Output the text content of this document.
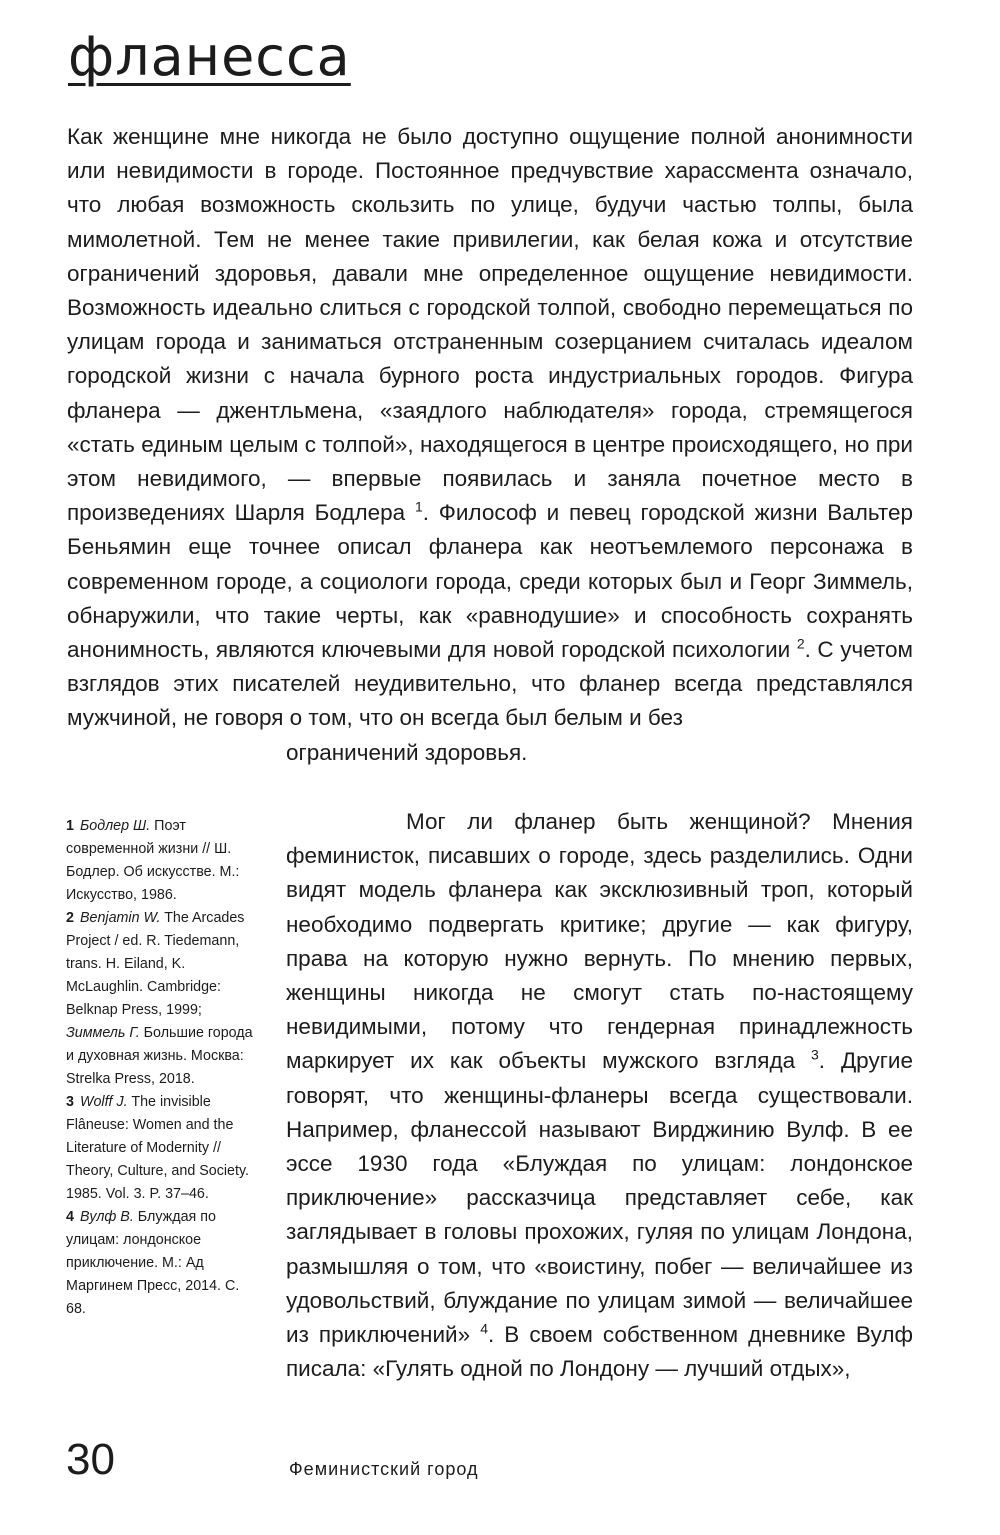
фланесса

Как женщине мне никогда не было доступно ощущение полной анонимности или невидимости в городе. Постоянное предчувствие харассмента означало, что любая возможность скользить по улице, будучи частью толпы, была мимолетной. Тем не менее такие привилегии, как белая кожа и отсутствие ограничений здоровья, давали мне определенное ощущение невидимости. Возможность идеально слиться с городской толпой, свободно перемещаться по улицам города и заниматься отстраненным созерцанием считалась идеалом городской жизни с начала бурного роста индустриальных городов. Фигура фланера — джентльмена, «заядлого наблюдателя» города, стремящегося «стать единым целым с толпой», находящегося в центре происходящего, но при этом невидимого, — впервые появилась и заняла почетное место в произведениях Шарля Бодлера $^1$. Философ и певец городской жизни Вальтер Беньямин еще точнее описал фланера как неотъемлемого персонажа в современном городе, а социологи города, среди которых был и Георг Зиммель, обнаружили, что такие черты, как «равнодушие» и способность сохранять анонимность, являются ключевыми для новой городской психологии $^2$. С учетом взглядов этих писателей неудивительно, что фланер всегда представлялся мужчиной, не говоря о том, что он всегда был белым и без
ограничений здоровья.

1 Бодлер Ш. Поэт современной жизни // Ш. Бодлер. Об искусстве. М.: Искусство, 1986.
2 Benjamin W. The Arcades Project / ed. R. Tiedemann, trans. H. Eiland, K. McLaughlin. Cambridge: Belknap Press, 1999; Зиммель Г. Большие города и духовная жизнь. Москва: Strelka Press, 2018.
3 Wolff J. The invisible Flâneuse: Women and the Literature of Modernity // Theory, Culture, and Society. 1985. Vol. 3. P. 37–46.
4 Вулф В. Блуждая по улицам: лондонское приключение. М.: Ад Маргинем Пресс, 2014. С. 68.

Мог ли фланер быть женщиной? Мнения феминисток, писавших о городе, здесь разделились. Одни видят модель фланера как эксклюзивный троп, который необходимо подвергать критике; другие — как фигуру, права на которую нужно вернуть. По мнению первых, женщины никогда не смогут стать по-настоящему невидимыми, потому что гендерная принадлежность маркирует их как объекты мужского взгляда $^3$. Другие говорят, что женщины-фланеры всегда существовали. Например, фланессой называют Вирджинию Вулф. В ее эссе 1930 года «Блуждая по улицам: лондонское приключение» рассказчица представляет себе, как заглядывает в головы прохожих, гуляя по улицам Лондона, размышляя о том, что «воистину, побег — величайшее из удовольствий, блуждание по улицам зимой — величайшее из приключений» $^4$. В своем собственном дневнике Вулф писала: «Гулять одной по Лондону — лучший отдых»,

30	Феминистский город
